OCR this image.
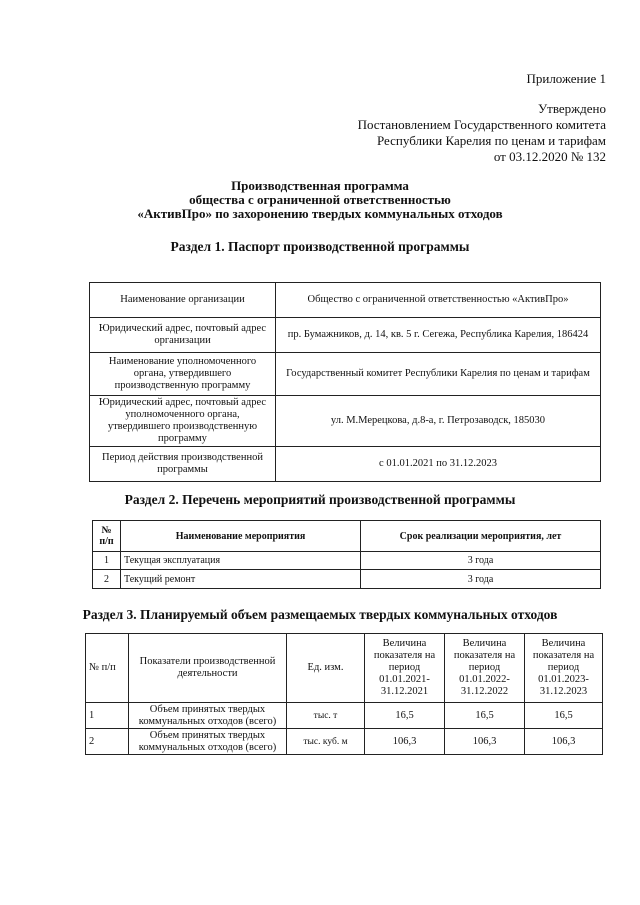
Приложение 1
Утверждено
Постановлением Государственного комитета
Республики Карелия по ценам и тарифам
от 03.12.2020 № 132
Производственная программа
общества с ограниченной ответственностью
«АктивПро» по захоронению твердых коммунальных отходов
Раздел 1. Паспорт производственной программы
Наименование организации	Общество с ограниченной ответственностью «АктивПро»
Юридический адрес, почтовый адрес организации	пр. Бумажников, д. 14, кв. 5 г. Сегежа, Республика Карелия, 186424
Наименование уполномоченного органа, утвердившего производственную программу	Государственный комитет Республики Карелия по ценам и тарифам
Юридический адрес, почтовый адрес уполномоченного органа, утвердившего производственную программу	ул. М.Мерецкова, д.8-а, г. Петрозаводск, 185030
Период действия производственной программы	с 01.01.2021 по 31.12.2023
Раздел 2. Перечень мероприятий производственной программы
№ п/п	Наименование мероприятия	Срок реализации мероприятия, лет
1	Текущая эксплуатация	3 года
2	Текущий ремонт	3 года
Раздел 3. Планируемый объем размещаемых твердых коммунальных отходов
№ п/п	Показатели производственной деятельности	Ед. изм.	Величина показателя на период 01.01.2021-31.12.2021	Величина показателя на период 01.01.2022-31.12.2022	Величина показателя на период 01.01.2023-31.12.2023
1	Объем принятых твердых коммунальных отходов (всего)	тыс. т	16,5	16,5	16,5
2	Объем принятых твердых коммунальных отходов (всего)	тыс. куб. м	106,3	106,3	106,3
